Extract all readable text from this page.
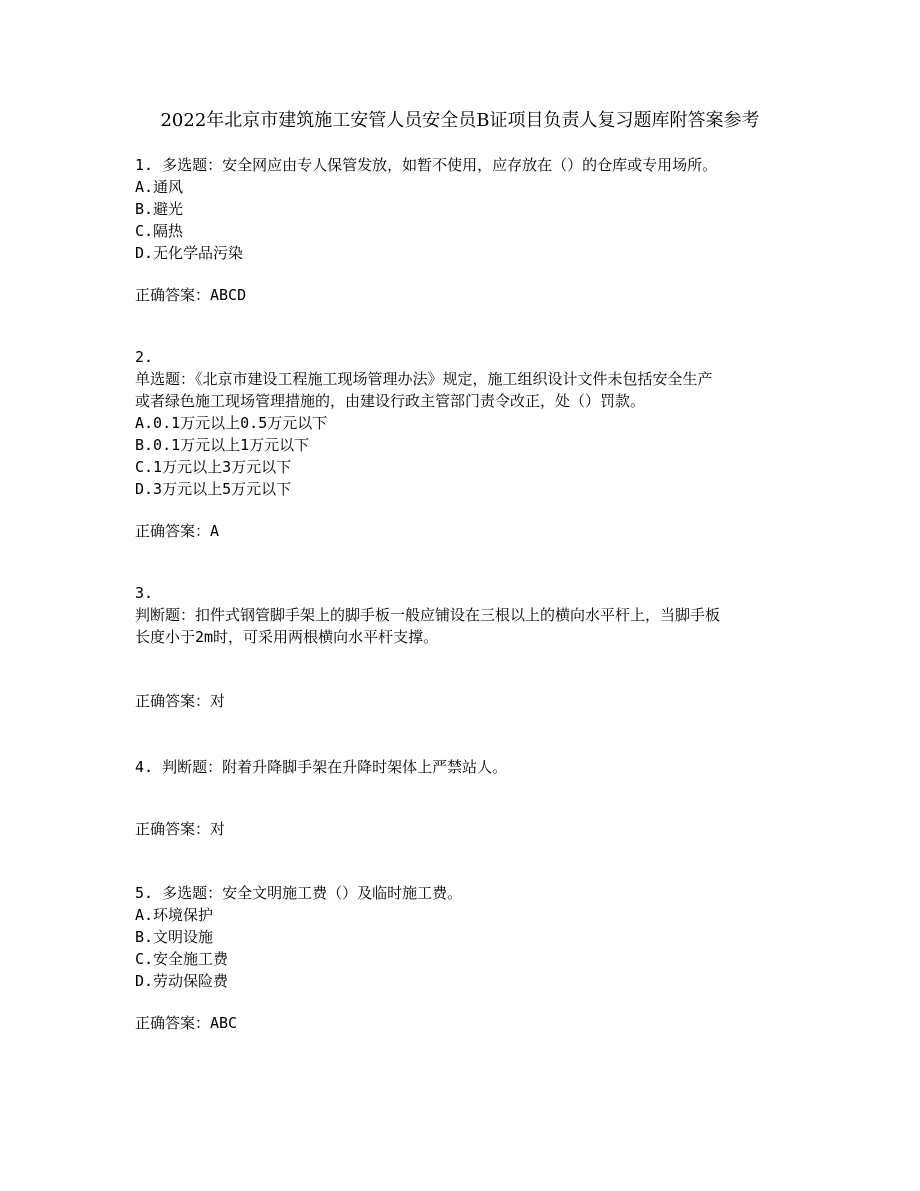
2022年北京市建筑施工安管人员安全员B证项目负责人复习题库附答案参考
1. 多选题：安全网应由专人保管发放，如暂不使用，应存放在（）的仓库或专用场所。
A.通风
B.避光
C.隔热
D.无化学品污染
正确答案：ABCD
2.
单选题：《北京市建设工程施工现场管理办法》规定，施工组织设计文件未包括安全生产
或者绿色施工现场管理措施的，由建设行政主管部门责令改正，处（）罚款。
A.0.1万元以上0.5万元以下
B.0.1万元以上1万元以下
C.1万元以上3万元以下
D.3万元以上5万元以下
正确答案：A
3.
判断题：扣件式钢管脚手架上的脚手板一般应铺设在三根以上的横向水平杆上，当脚手板
长度小于2m时，可采用两根横向水平杆支撑。
正确答案：对
4. 判断题：附着升降脚手架在升降时架体上严禁站人。
正确答案：对
5. 多选题：安全文明施工费（）及临时施工费。
A.环境保护
B.文明设施
C.安全施工费
D.劳动保险费
正确答案：ABC
